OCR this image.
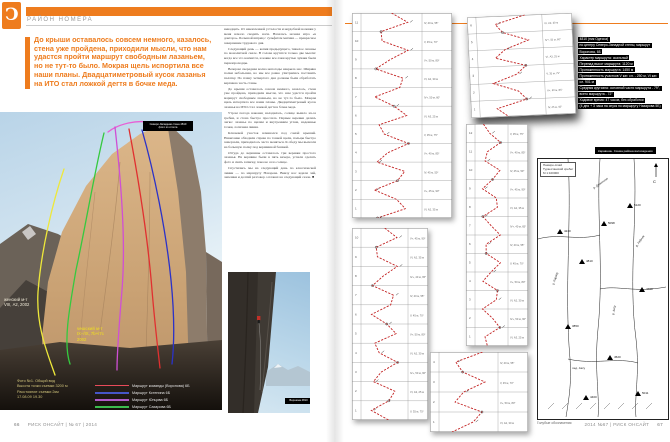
C РАЙОН НОМЕРА
До крыши оставалось совсем немного, казалось,
стена уже пройдена, приходили мысли, что нам
удастся пройти маршрут свободным лазаньем,
но не тут-то было. Мокрая щель испортила все
наши планы. Двадцатиметровый кусок лазанья
на ИТО стал ложкой дегтя в бочке меда.

ненадцать. От накопленной усталости и неудобной ночевки у меня начало сводить ноги. Началась ночная игра «в доктора». Большой шприц с сульфатом магния — прекрасное завершение трудового дня.

Следующий день — копия предыдущего, тяжелое лазанье по монолитной скале. В голове крутятся только две мысли: когда все это кончится, и какие все-таки крутые чуваки были первопроходцы.

Вечером очередная волна непогоды накрыла нас. Ширина полки небольшая, но мы все равно ухитрились поставить палатку. По плану четвертого дня должны были обработать верхнюю часть стены.

До крыши оставалось совсем немного, казалось, стена уже пройдена, приходили мысли, что нам удастся пройти маршрут свободным лазаньем, но не тут-то было. Мокрая щель испортила все наши планы. Двадцатиметровый кусок лазанья на ИТО стал ложкой дегтя в бочке меда.

Утром погода наконец наладилась, солнце вышло из-за гребня, и стена быстро просохла. Первые веревки дались легко: лазанье по щелям и внутренним углам, надежные точки, логичная линия.

Ключевой участок начинался под самой крышей. Нависание обходили справа по тонкой щели, пальцы быстро замерзали, приходилось часто меняться. К обеду мы вылезли на большую полку под вершинной башней.

Оттуда до вершины оставалось три веревки простого лазанья. На вершине были в пять вечера, успели сделать фото и снять записку, пока не село солнце.

Спустились мы на следующий день по классической линии — по маршруту Назарова. Внизу нас ждали чай, лепешки и долгий разговор о планах на следующий сезон. ■

Северо-Западная стена 4810
фото из отчета
женский м-т
VIII, А2, 2002
чешский м-т
IX−/IX, 7b+/7c
2002
Фото №1. Общий вид
Высота точки съемки 3200 м
Расстояние съемки 2км
17.08.09 19.30
Маршрут команды (Воронова) 6Б
Маршрут Кстенина 6Б
Маршрут Юнцова 6Б
Маршрут Сахарова 6Б
Вершина 4810
66 РИСК ОНСАЙТ | № 67 | 2014	2014 №67 | РИСК ОНСАЙТ 67
4810 (пик Одесса)
по центру Северо-Западной стены, маршрут
Воронова, 6Б
Характер маршрута: скальный
Перепад высот маршрута: 1120 м
Протяженность маршрута: 1450 м
Протяженность участков V кат. сл. - 250 м, VI кат.
сл. 901 м
Средняя крутизна: основной части маршрута - 79°,
всего маршрута - 72°
Ходовое время: 47 часов, без обработки
(4 дня + 3 часа на спуск по маршруту Назарова 5Б)
4240
4810
5098
5120
4700
3850
4520
5011
4400
р. Карасу
р. Аксу
р. Ляйляк
лед. Аксу
р. Джалгычи	С
Каравшин. Схема района восхождения
Памиро-Алай
Туркестанский хребет
М 1:100000
Голубые обозначения
11	IV, 40 м, 55°
10	V, 45 м, 70°
9	V+, 50 м, 80°
8	VI, А2, 30 м
7	IV+, 50 м, 60°
6	VI, А3, 25 м
5	V, 35 м, 75°
4	V+, 40 м, 85°
3	IV, 45 м, 50°
2	V+, 45 м, 90°
1	VI, А2, 35 м
6
VI, А2, 30 м
5
IV+, 50 м, 60°
4
VI, А3, 25 м
3
V, 35 м, 75°
2
V+, 40 м, 85°
1
IV, 45 м, 50°
12	V, 35 м, 75°
11	V+, 40 м, 85°
10	IV, 45 м, 50°
9	V+, 45 м, 90°
8	VI, А2, 35 м
7	IV+, 40 м, 65°
6	IV, 40 м, 55°
5	V, 45 м, 70°
4	V+, 50 м, 80°
3	VI, А2, 30 м
2	IV+, 50 м, 60°
1	VI, А3, 25 м
10	V+, 45 м, 90°
9	VI, А2, 35 м
8	IV+, 40 м, 65°
7	IV, 40 м, 55°
6	V, 45 м, 70°
5	V+, 50 м, 80°
4	VI, А2, 30 м
3	IV+, 50 м, 60°
2	VI, А3, 25 м
1	V, 35 м, 75°
4	IV, 40 м, 55°
3	V, 45 м, 70°
2	V+, 50 м, 80°
1	VI, А2, 30 м
